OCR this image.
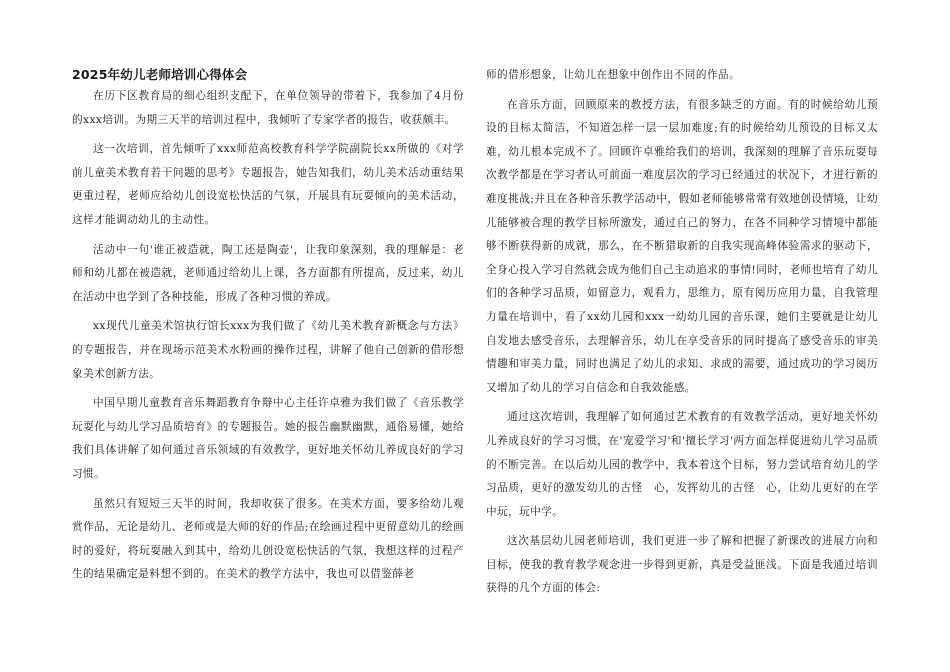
2025年幼儿老师培训心得体会

在历下区教育局的细心组织支配下，在单位领导的带着下，我参加了4月份的xxx培训。为期三天半的培训过程中，我倾听了专家学者的报告，收获颇丰。

这一次培训，首先倾听了xxx师范高校教育科学学院副院长xx所做的《对学前儿童美术教育若干问题的思考》专题报告，她告知我们，幼儿美术活动重结果更重过程，老师应给幼儿创设宽松快活的气氛，开展具有玩耍倾向的美术活动，这样才能调动幼儿的主动性。

活动中一句'谁正被造就，陶工还是陶壶'，让我印象深刻，我的理解是：老师和幼儿都在被造就，老师通过给幼儿上课，各方面都有所提高，反过来，幼儿在活动中也学到了各种技能，形成了各种习惯的养成。

xx现代儿童美术馆执行馆长xxx为我们做了《幼儿美术教育新概念与方法》的专题报告，并在现场示范美术水粉画的操作过程，讲解了他自己创新的借形想象美术创新方法。

中国早期儿童教育音乐舞蹈教育争辩中心主任许卓雅为我们做了《音乐教学玩耍化与幼儿学习品质培育》的专题报告。她的报告幽默幽默，通俗易懂，她给我们具体讲解了如何通过音乐领域的有效教学，更好地关怀幼儿养成良好的学习习惯。

虽然只有短短三天半的时间，我却收获了很多。在美术方面，要多给幼儿观赏作品，无论是幼儿、老师或是大师的好的作品;在绘画过程中更留意幼儿的绘画时的爱好，将玩耍融入到其中，给幼儿创设宽松快活的气氛，我想这样的过程产生的结果确定是料想不到的。在美术的教学方法中，我也可以借鉴薛老

师的借形想象，让幼儿在想象中创作出不同的作品。

在音乐方面，回顾原来的教授方法，有很多缺乏的方面。有的时候给幼儿预设的目标太简洁，不知道怎样一层一层加难度;有的时候给幼儿预设的目标又太难，幼儿根本完成不了。回顾许卓雅给我们的培训，我深刻的理解了音乐玩耍每次教学都是在学习者认可前面一难度层次的学习已经通过的状况下，才进行新的难度挑战;并且在各种音乐教学活动中，假如老师能够常常有效地创设情境，让幼儿能够被合理的教学目标所激发，通过自己的努力，在各不同种学习情境中都能够不断获得新的成就，那么，在不断猎取新的自我实现高峰体验需求的驱动下，全身心投入学习自然就会成为他们自己主动追求的事情!同时，老师也培育了幼儿们的各种学习品质，如留意力，观看力，思维力，原有阅历应用力量，自我管理力量在培训中，看了xx幼儿园和xxx一幼幼儿园的音乐课，她们主要就是让幼儿自发地去感受音乐，去理解音乐，幼儿在享受音乐的同时提高了感受音乐的审美情趣和审美力量，同时也满足了幼儿的求知、求成的需要，通过成功的学习阅历又增加了幼儿的学习自信念和自我效能感。

通过这次培训，我理解了如何通过艺术教育的有效教学活动，更好地关怀幼儿养成良好的学习习惯，在'宠爱学习'和'擅长学习'两方面怎样促进幼儿学习品质的不断完善。在以后幼儿园的教学中，我本着这个目标，努力尝试培育幼儿的学习品质，更好的激发幼儿的古怪　心，发挥幼儿的古怪　心，让幼儿更好的在学中玩，玩中学。

这次基层幼儿园老师培训，我们更进一步了解和把握了新课改的进展方向和目标，使我的教育教学观念进一步得到更新，真是受益匪浅。下面是我通过培训获得的几个方面的体会:
